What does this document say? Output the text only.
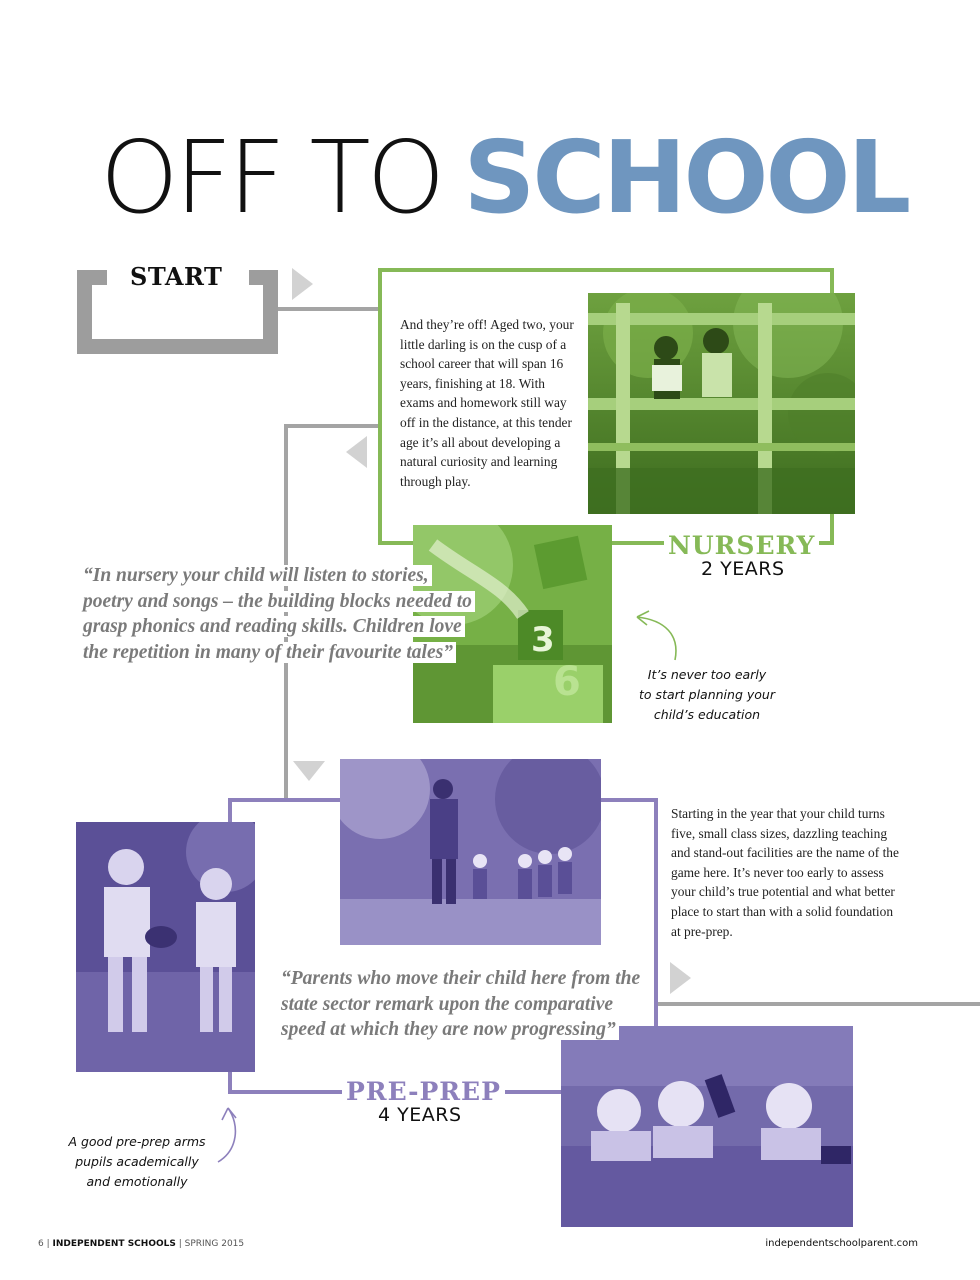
OFF TO SCHOOL
START
And they’re off! Aged two, your little darling is on the cusp of a school career that will span 16 years, finishing at 18. With exams and homework still way off in the distance, at this tender age it’s all about developing a natural curiosity and learning through play.
3
6
NURSERY
2 YEARS
“In nursery your child will listen to stories,
poetry and songs – the building blocks needed to
grasp phonics and reading skills. Children love
the repetition in many of their favourite tales”
It’s never too early
to start planning your
child’s education
Starting in the year that your child turns five, small class sizes, dazzling teaching and stand-out facilities are the name of the game here. It’s never too early to assess your child’s true potential and what better place to start than with a solid foundation at pre-prep.
“Parents who move their child here from the
state sector remark upon the comparative
speed at which they are now progressing”
PRE-PREP
4 YEARS
A good pre-prep arms
pupils academically
and emotionally
6 | INDEPENDENT SCHOOLS | SPRING 2015	independentschoolparent.com
